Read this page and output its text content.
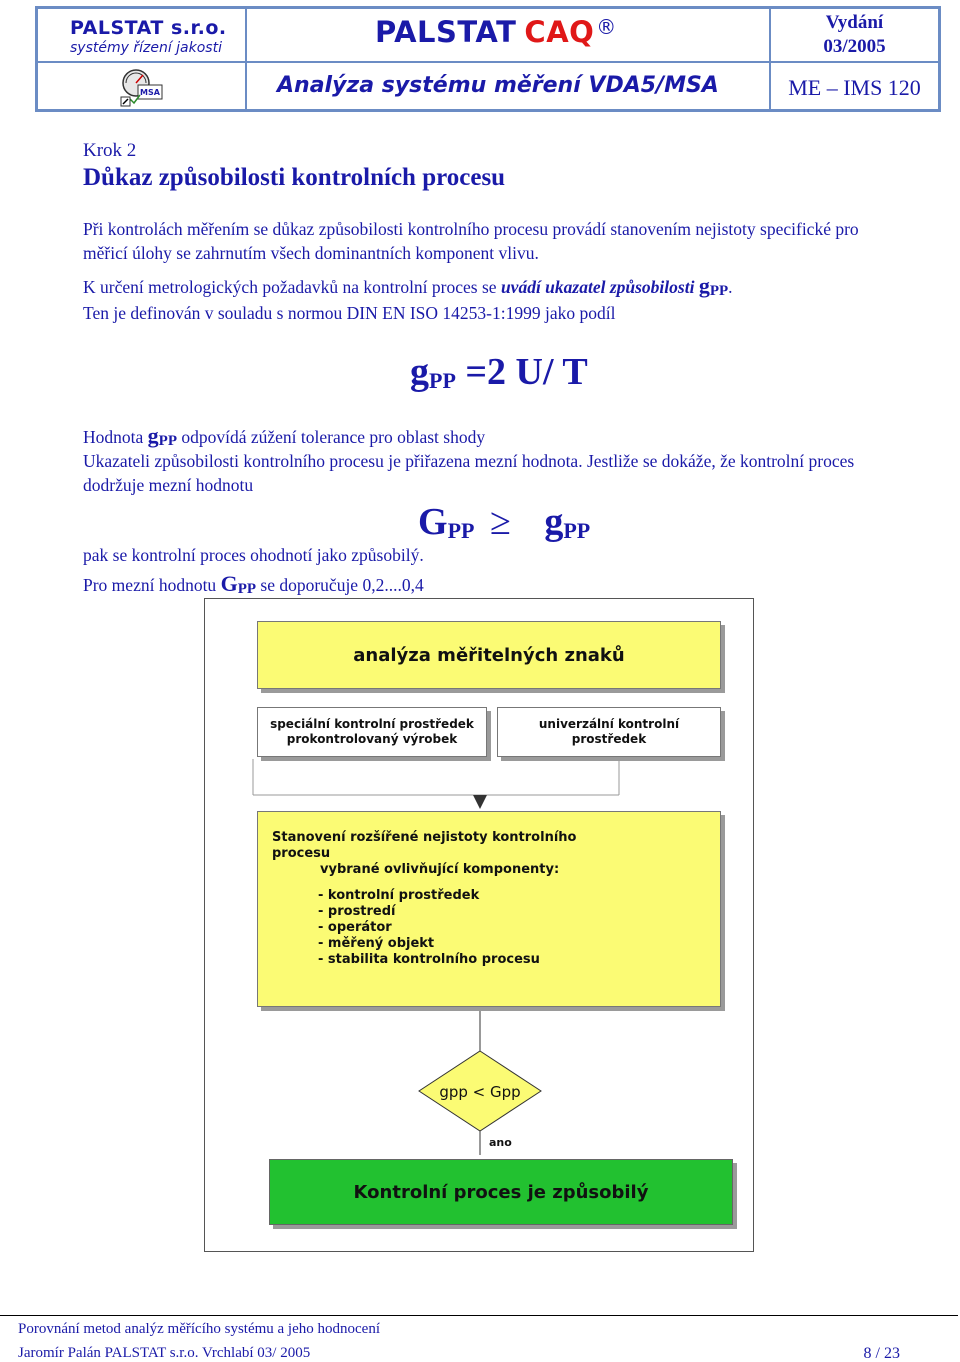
PALSTAT s.r.o.
systémy řízení jakosti
MSA
PALSTAT CAQ ®
Analýza systému měření VDA5/MSA
Vydání
03/2005
ME – IMS 120
Krok 2
Důkaz způsobilosti kontrolních procesu
Při kontrolách měřením se důkaz způsobilosti kontrolního procesu provádí stanovením nejistoty specifické pro měřicí úlohy se zahrnutím všech dominantních komponent vlivu.
K určení metrologických požadavků na kontrolní proces se uvádí ukazatel způsobilosti $g_{PP}$.
Ten je definován v souladu s normou DIN EN ISO 14253-1:1999 jako podíl
$g_{PP} =2$ U/ T
Hodnota $g_{PP}$ odpovídá zúžení tolerance pro oblast shody
Ukazateli způsobilosti kontrolního procesu je přiřazena mezní hodnota. Jestliže se dokáže, že kontrolní proces dodržuje mezní hodnotu
$G_{PP} \ge g_{PP}$
pak se kontrolní proces ohodnotí jako způsobilý.
Pro mezní hodnotu $G_{PP}$ se doporučuje 0,2....0,4
gpp < Gpp
analýza měřitelných znaků
speciální kontrolní prostředek
prokontrolovaný výrobek
univerzální kontrolní
prostředek
Stanovení rozšířené nejistoty kontrolního
procesu
vybrané ovlivňující komponenty:
- kontrolní prostředek
- prostredí
- operátor
- měřený objekt
- stabilita kontrolního procesu
ano
Kontrolní proces je způsobilý
Porovnání metod analýz měřícího systému a jeho hodnocení
Jaromír Palán PALSTAT s.r.o. Vrchlabí 03/ 2005	8 / 23
